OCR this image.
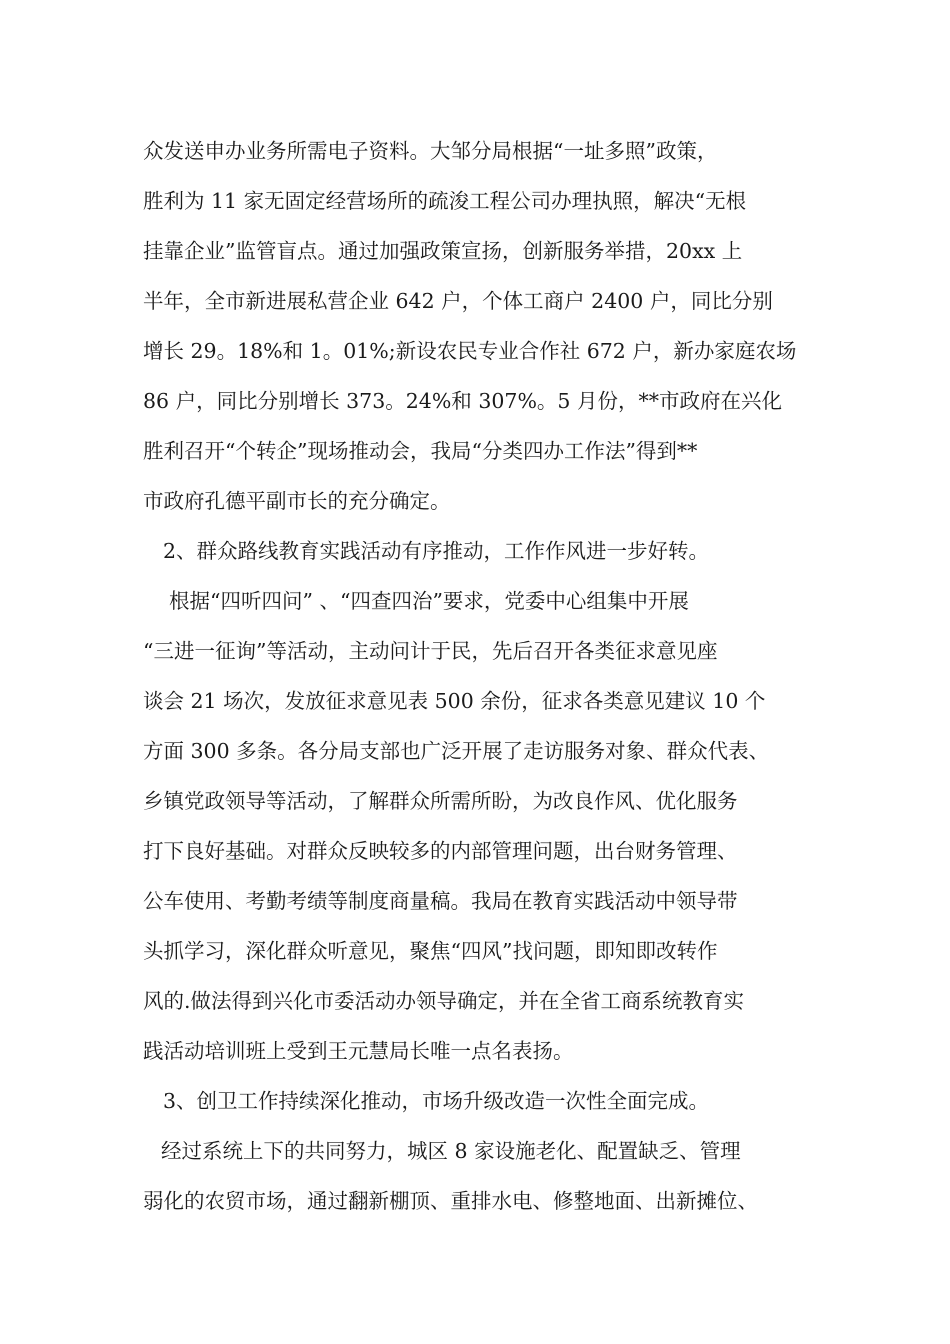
众发送申办业务所需电子资料。大邹分局根据“一址多照”政策，
胜利为 11 家无固定经营场所的疏浚工程公司办理执照，解决“无根
挂靠企业”监管盲点。通过加强政策宣扬，创新服务举措，20xx 上
半年，全市新进展私营企业 642 户，个体工商户 2400 户，同比分别
增长 29。18%和 1。01%;新设农民专业合作社 672 户，新办家庭农场
86 户，同比分别增长 373。24%和 307%。5 月份，**市政府在兴化
胜利召开“个转企”现场推动会，我局“分类四办工作法”得到**
市政府孔德平副市长的充分确定。
2、群众路线教育实践活动有序推动，工作作风进一步好转。
根据“四听四问” 、“四查四治”要求，党委中心组集中开展
“三进一征询”等活动，主动问计于民，先后召开各类征求意见座
谈会 21 场次，发放征求意见表 500 余份，征求各类意见建议 10 个
方面 300 多条。各分局支部也广泛开展了走访服务对象、群众代表、
乡镇党政领导等活动，了解群众所需所盼，为改良作风、优化服务
打下良好基础。对群众反映较多的内部管理问题，出台财务管理、
公车使用、考勤考绩等制度商量稿。我局在教育实践活动中领导带
头抓学习，深化群众听意见，聚焦“四风”找问题，即知即改转作
风的.做法得到兴化市委活动办领导确定，并在全省工商系统教育实
践活动培训班上受到王元慧局长唯一点名表扬。
3、创卫工作持续深化推动，市场升级改造一次性全面完成。
经过系统上下的共同努力，城区 8 家设施老化、配置缺乏、管理
弱化的农贸市场，通过翻新棚顶、重排水电、修整地面、出新摊位、
